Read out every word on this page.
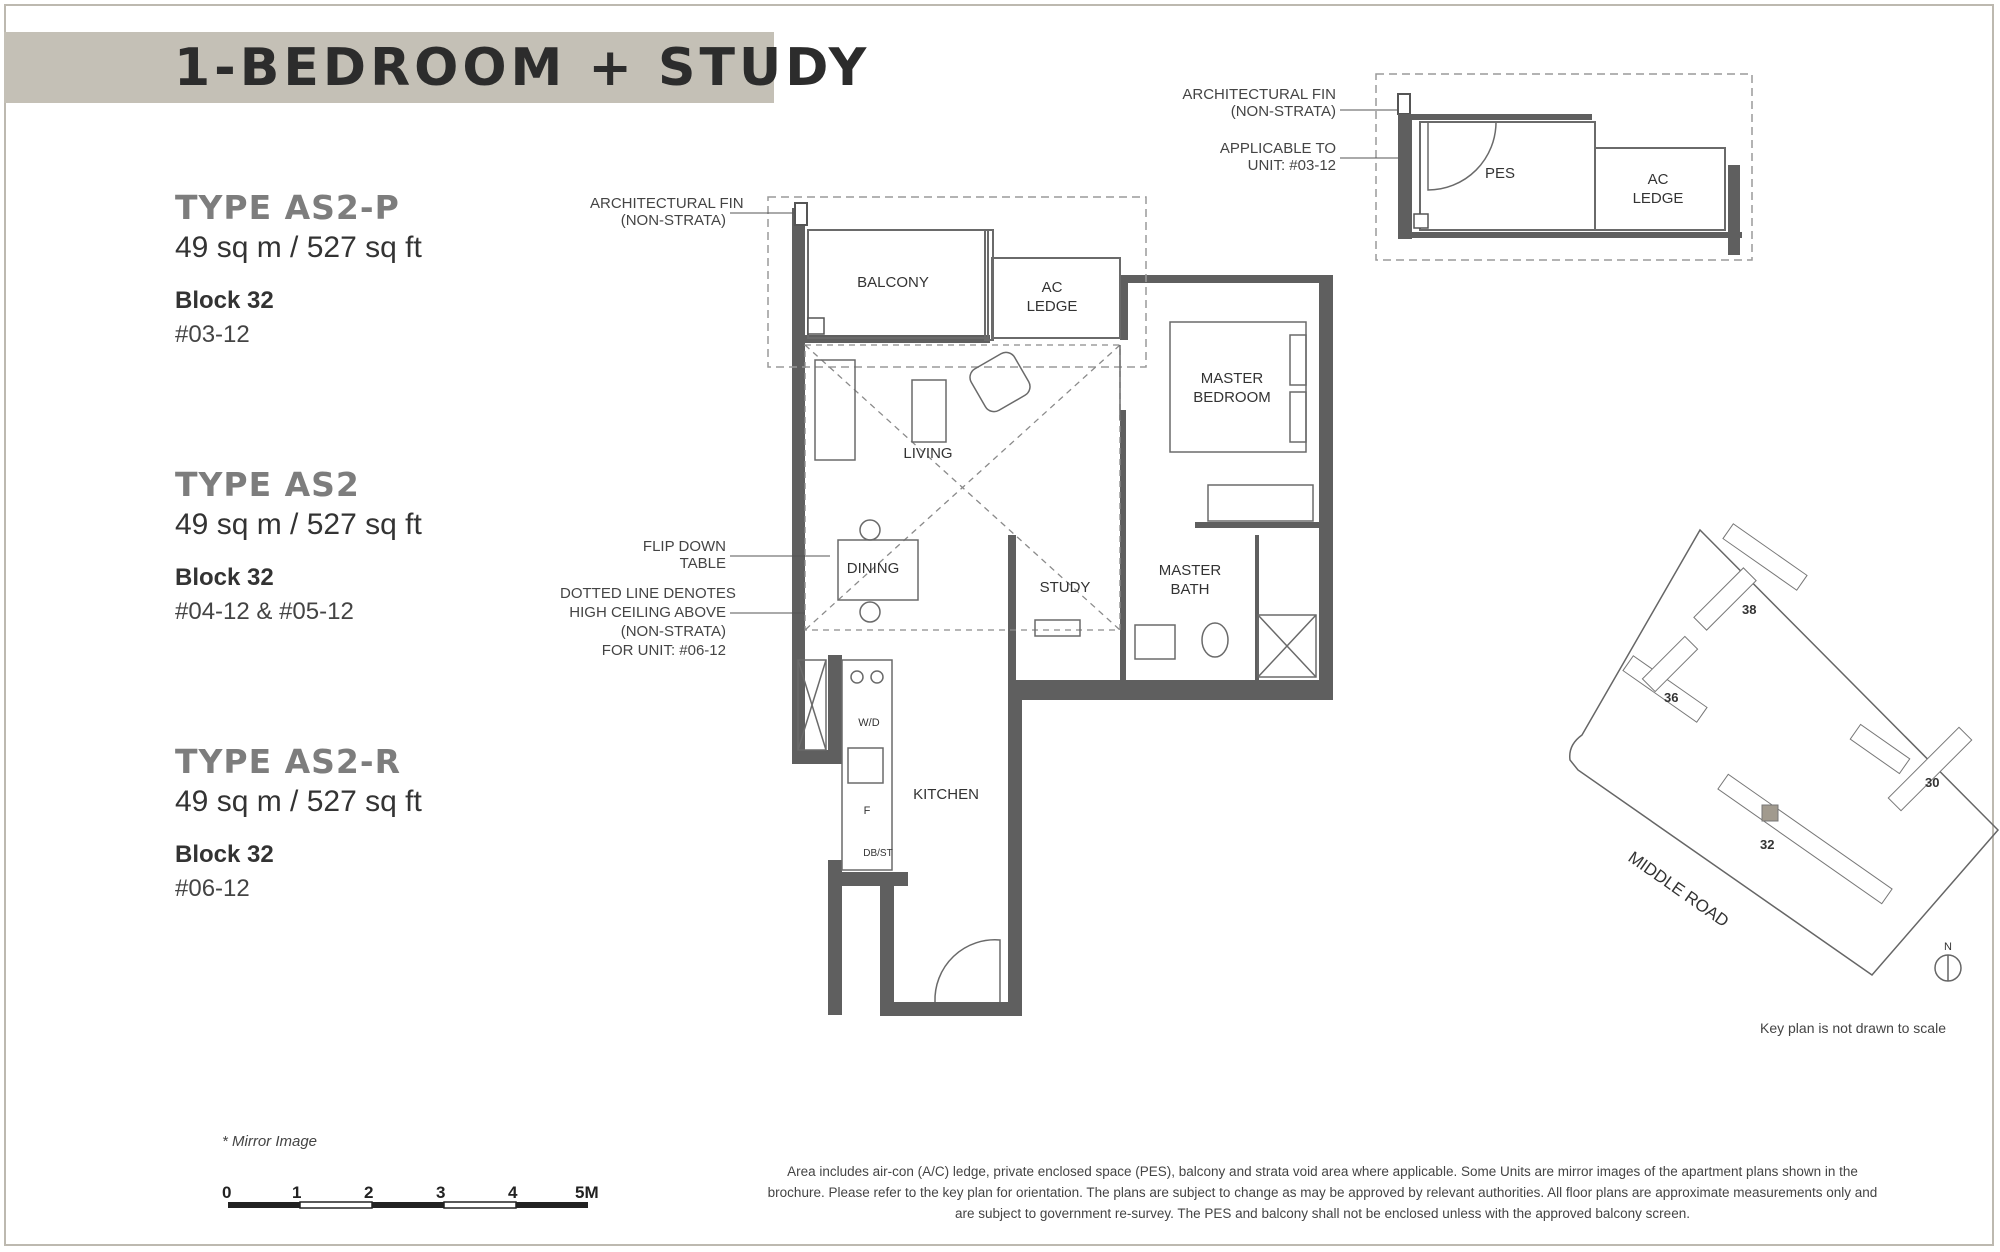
1-BEDROOM + STUDY
TYPE AS2-P
49 sq m / 527 sq ft
Block 32
#03-12
TYPE AS2
49 sq m / 527 sq ft
Block 32
#04-12 & #05-12
TYPE AS2-R
49 sq m / 527 sq ft
Block 32
#06-12
BALCONY	AC
LEDGE
LIVING
DINING
MASTER
BEDROOM
STUDY
MASTER
BATH
KITCHEN
W/D
F
DB/ST
PES	AC
LEDGE
38
36
32
30
MIDDLE ROAD
N
0	1	2	3	4	5M
ARCHITECTURAL FIN
(NON-STRATA)
FLIP DOWN
TABLE
DOTTED LINE DENOTES
HIGH CEILING ABOVE
(NON-STRATA)
FOR UNIT: #06-12
ARCHITECTURAL FIN
(NON-STRATA)
APPLICABLE TO
UNIT: #03-12
Key plan is not drawn to scale
* Mirror Image
Area includes air-con (A/C) ledge, private enclosed space (PES), balcony and strata void area where applicable. Some Units are mirror images of the apartment plans shown in the brochure. Please refer to the key plan for orientation. The plans are subject to change as may be approved by relevant authorities. All floor plans are approximate measurements only and are subject to government re-survey. The PES and balcony shall not be enclosed unless with the approved balcony screen.
